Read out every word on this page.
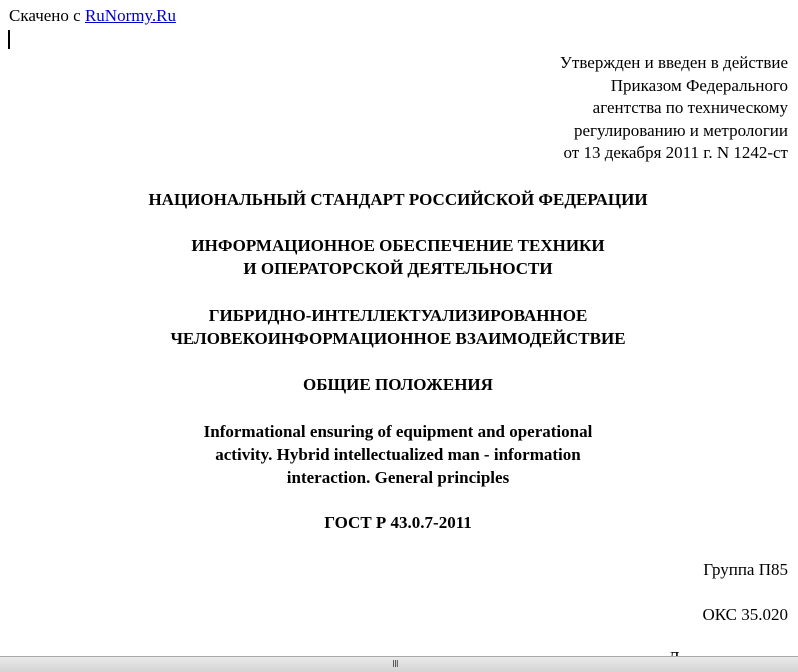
Скачено с RuNormy.Ru
Утвержден и введен в действие
Приказом Федерального
агентства по техническому
регулированию и метрологии
от 13 декабря 2011 г. N 1242-ст
НАЦИОНАЛЬНЫЙ СТАНДАРТ РОССИЙСКОЙ ФЕДЕРАЦИИ
ИНФОРМАЦИОННОЕ ОБЕСПЕЧЕНИЕ ТЕХНИКИ
И ОПЕРАТОРСКОЙ ДЕЯТЕЛЬНОСТИ
ГИБРИДНО-ИНТЕЛЛЕКТУАЛИЗИРОВАННОЕ
ЧЕЛОВЕКОИНФОРМАЦИОННОЕ ВЗАИМОДЕЙСТВИЕ
ОБЩИЕ ПОЛОЖЕНИЯ
Informational ensuring of equipment and operational
activity. Hybrid intellectualized man - information
interaction. General principles
ГОСТ Р 43.0.7-2011
Группа П85
ОКС 35.020
III
